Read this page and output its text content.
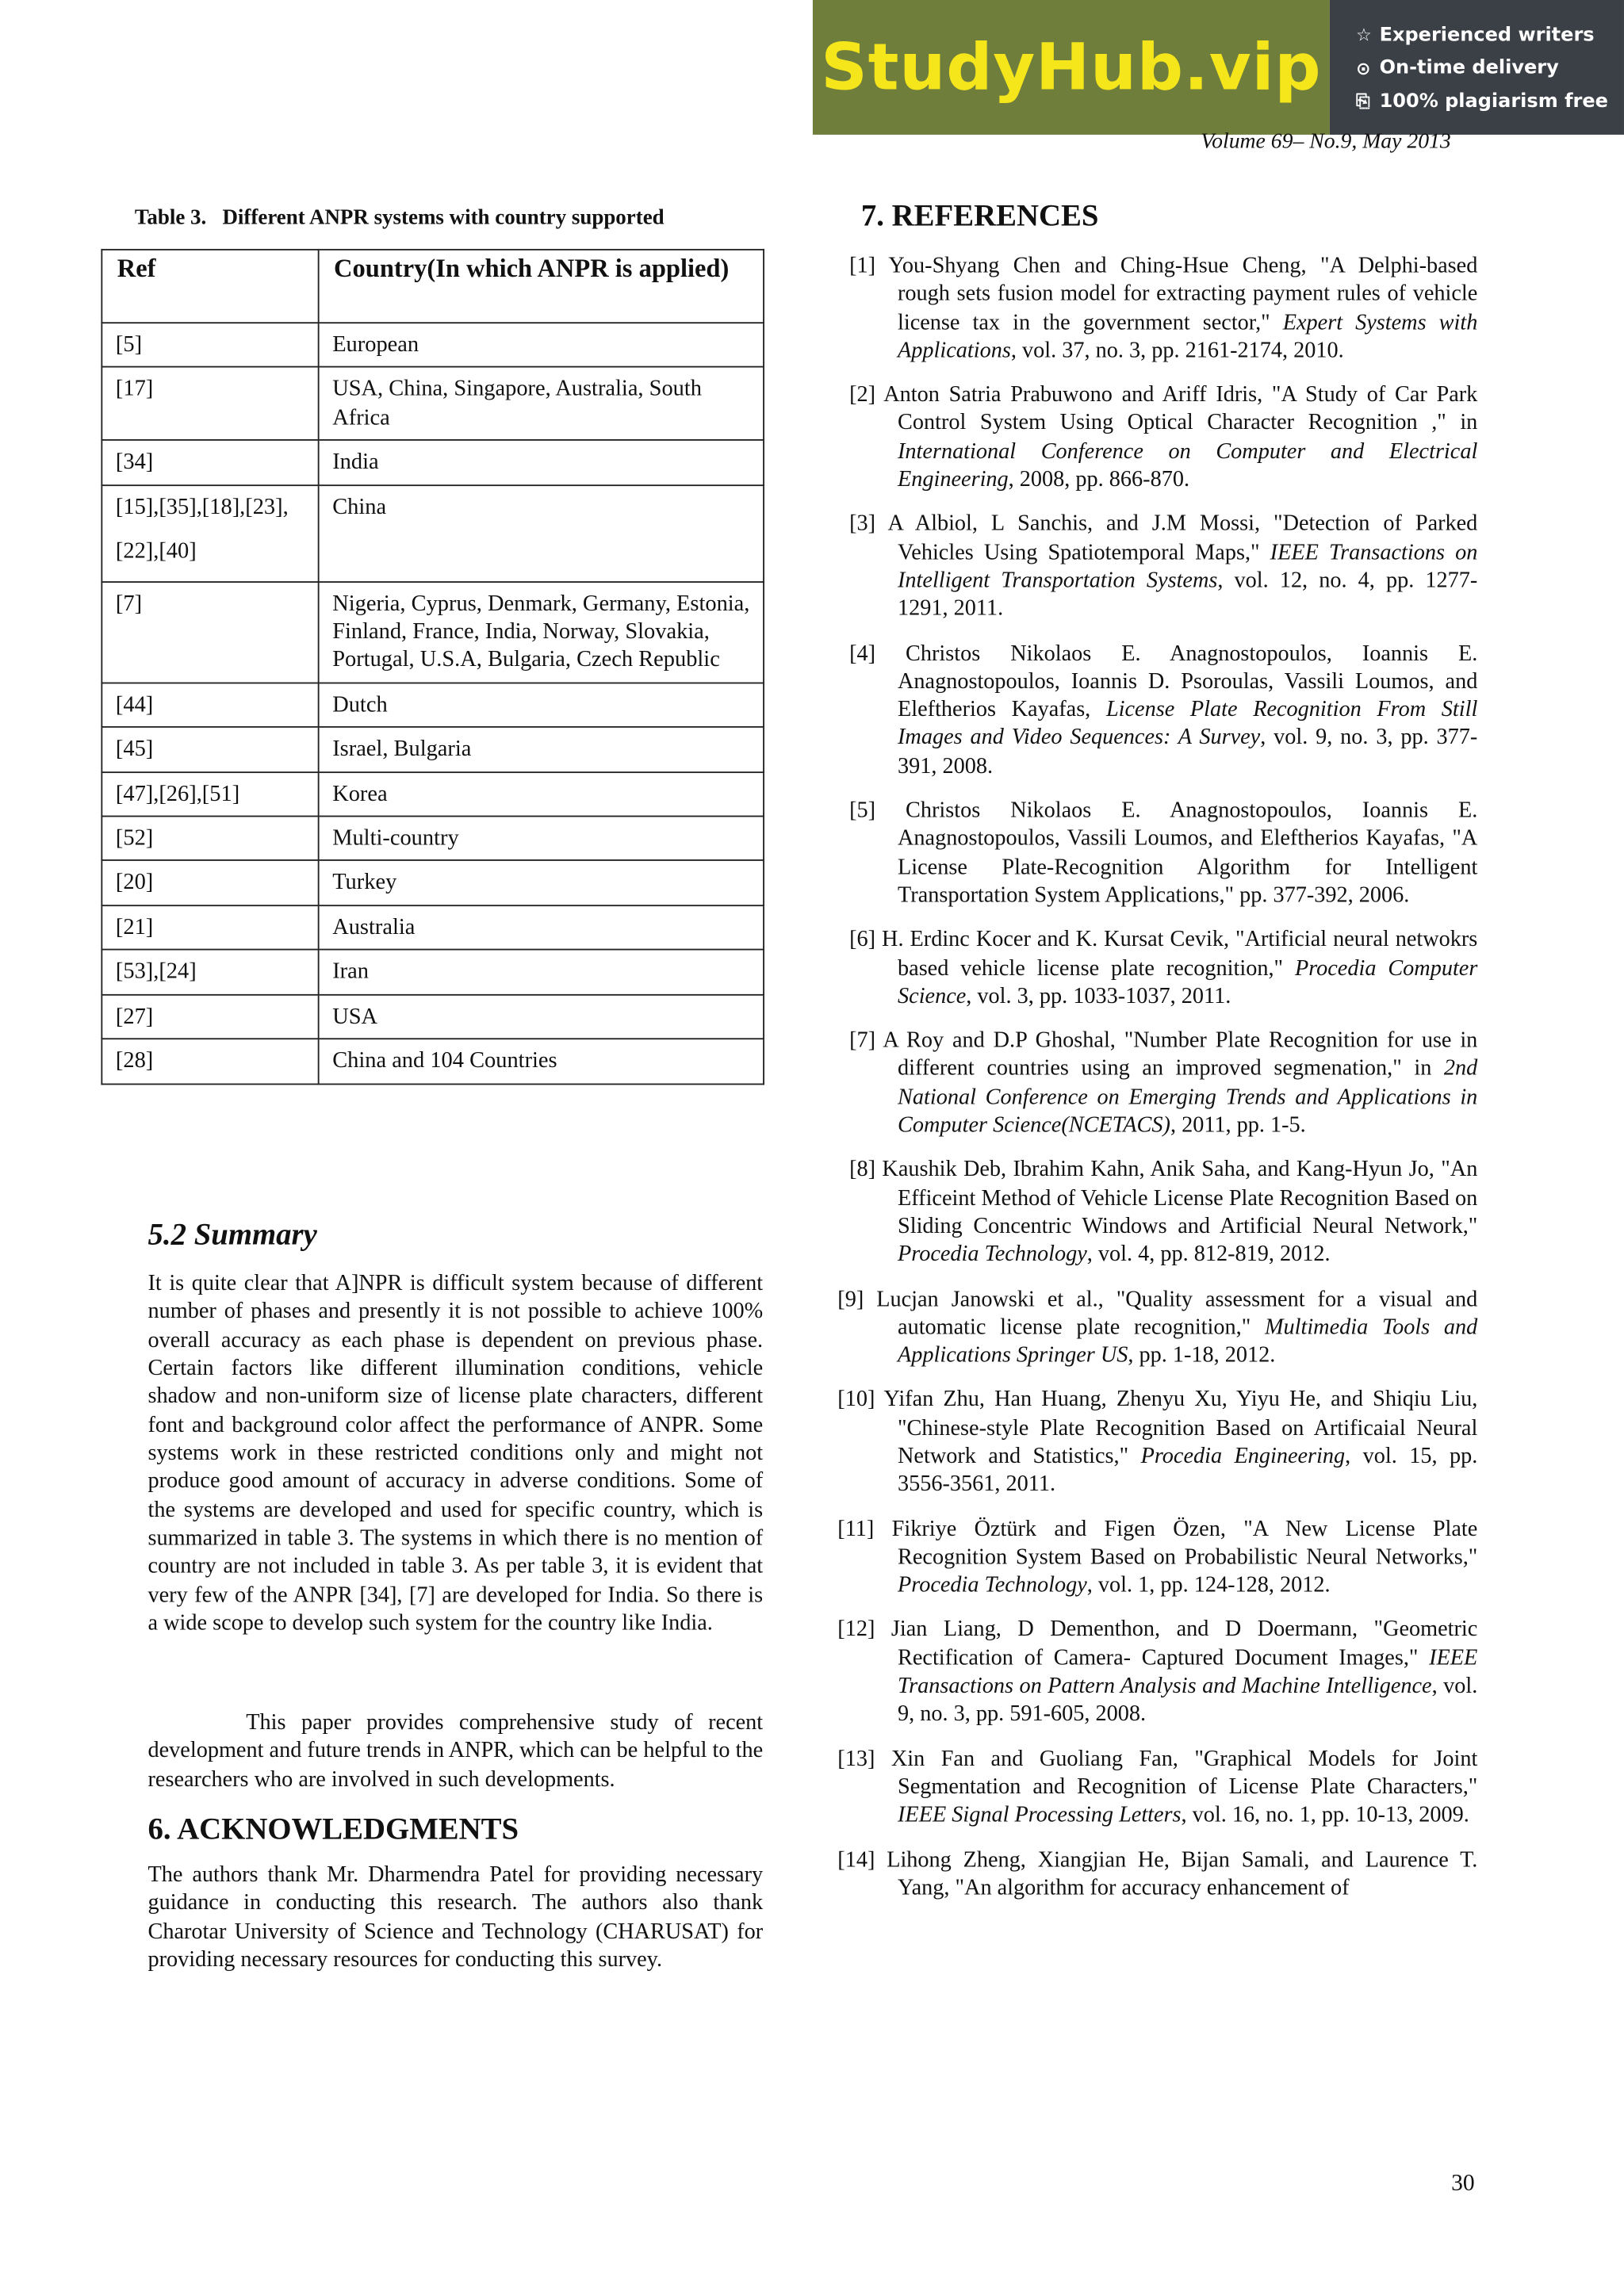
StudyHub.vip	☆ Experienced writers
⊙ On-time delivery
⎘ 100% plagiarism free
Volume 69– No.9, May 2013
Table 3.   Different ANPR systems with country supported
Ref	Country(In which ANPR is applied)
[5]	European
[17]	USA, China, Singapore, Australia, South Africa
[34]	India
[15],[35],[18],[23], [22],[40]	China
[7]	Nigeria, Cyprus, Denmark, Germany, Estonia, Finland, France, India, Norway, Slovakia, Portugal, U.S.A, Bulgaria, Czech Republic
[44]	Dutch
[45]	Israel, Bulgaria
[47],[26],[51]	Korea
[52]	Multi-country
[20]	Turkey
[21]	Australia
[53],[24]	Iran
[27]	USA
[28]	China and 104 Countries
5.2 Summary

It is quite clear that A]NPR is difficult system because of different number of phases and presently it is not possible to achieve 100% overall accuracy as each phase is dependent on previous phase. Certain factors like different illumination conditions, vehicle shadow and non-uniform size of license plate characters, different font and background color affect the performance of ANPR. Some systems work in these restricted conditions only and might not produce good amount of accuracy in adverse conditions. Some of the systems are developed and used for specific country, which is summarized in table 3. The systems in which there is no mention of country are not included in table 3. As per table 3, it is evident that very few of the ANPR [34], [7] are developed for India. So there is a wide scope to develop such system for the country like India.

This paper provides comprehensive study of recent development and future trends in ANPR, which can be helpful to the researchers who are involved in such developments.

6. ACKNOWLEDGMENTS

The authors thank Mr. Dharmendra Patel for providing necessary guidance in conducting this research. The authors also thank Charotar University of Science and Technology (CHARUSAT) for providing necessary resources for conducting this survey.

7. REFERENCES

[1] You-Shyang Chen and Ching-Hsue Cheng, "A Delphi-based rough sets fusion model for extracting payment rules of vehicle license tax in the government sector," Expert Systems with Applications, vol. 37, no. 3, pp. 2161-2174, 2010.

[2] Anton Satria Prabuwono and Ariff Idris, "A Study of Car Park Control System Using Optical Character Recognition ," in International Conference on Computer and Electrical Engineering, 2008, pp. 866-870.

[3] A Albiol, L Sanchis, and J.M Mossi, "Detection of Parked Vehicles Using Spatiotemporal Maps," IEEE Transactions on Intelligent Transportation Systems, vol. 12, no. 4, pp. 1277-1291, 2011.

[4] Christos Nikolaos E. Anagnostopoulos, Ioannis E. Anagnostopoulos, Ioannis D. Psoroulas, Vassili Loumos, and Eleftherios Kayafas, License Plate Recognition From Still Images and Video Sequences: A Survey, vol. 9, no. 3, pp. 377-391, 2008.

[5] Christos Nikolaos E. Anagnostopoulos, Ioannis E. Anagnostopoulos, Vassili Loumos, and Eleftherios Kayafas, "A License Plate-Recognition Algorithm for Intelligent Transportation System Applications," pp. 377-392, 2006.

[6] H. Erdinc Kocer and K. Kursat Cevik, "Artificial neural netwokrs based vehicle license plate recognition," Procedia Computer Science, vol. 3, pp. 1033-1037, 2011.

[7] A Roy and D.P Ghoshal, "Number Plate Recognition for use in different countries using an improved segmenation," in 2nd National Conference on Emerging Trends and Applications in Computer Science(NCETACS), 2011, pp. 1-5.

[8] Kaushik Deb, Ibrahim Kahn, Anik Saha, and Kang-Hyun Jo, "An Efficeint Method of Vehicle License Plate Recognition Based on Sliding Concentric Windows and Artificial Neural Network," Procedia Technology, vol. 4, pp. 812-819, 2012.

[9] Lucjan Janowski et al., "Quality assessment for a visual and automatic license plate recognition," Multimedia Tools and Applications Springer US, pp. 1-18, 2012.

[10] Yifan Zhu, Han Huang, Zhenyu Xu, Yiyu He, and Shiqiu Liu, "Chinese-style Plate Recognition Based on Artificaial Neural Network and Statistics," Procedia Engineering, vol. 15, pp. 3556-3561, 2011.

[11] Fikriye Öztürk and Figen Özen, "A New License Plate Recognition System Based on Probabilistic Neural Networks," Procedia Technology, vol. 1, pp. 124-128, 2012.

[12] Jian Liang, D Dementhon, and D Doermann, "Geometric Rectification of Camera- Captured Document Images," IEEE Transactions on Pattern Analysis and Machine Intelligence, vol. 9, no. 3, pp. 591-605, 2008.

[13] Xin Fan and Guoliang Fan, "Graphical Models for Joint Segmentation and Recognition of License Plate Characters," IEEE Signal Processing Letters, vol. 16, no. 1, pp. 10-13, 2009.

[14] Lihong Zheng, Xiangjian He, Bijan Samali, and Laurence T. Yang, "An algorithm for accuracy enhancement of

30
